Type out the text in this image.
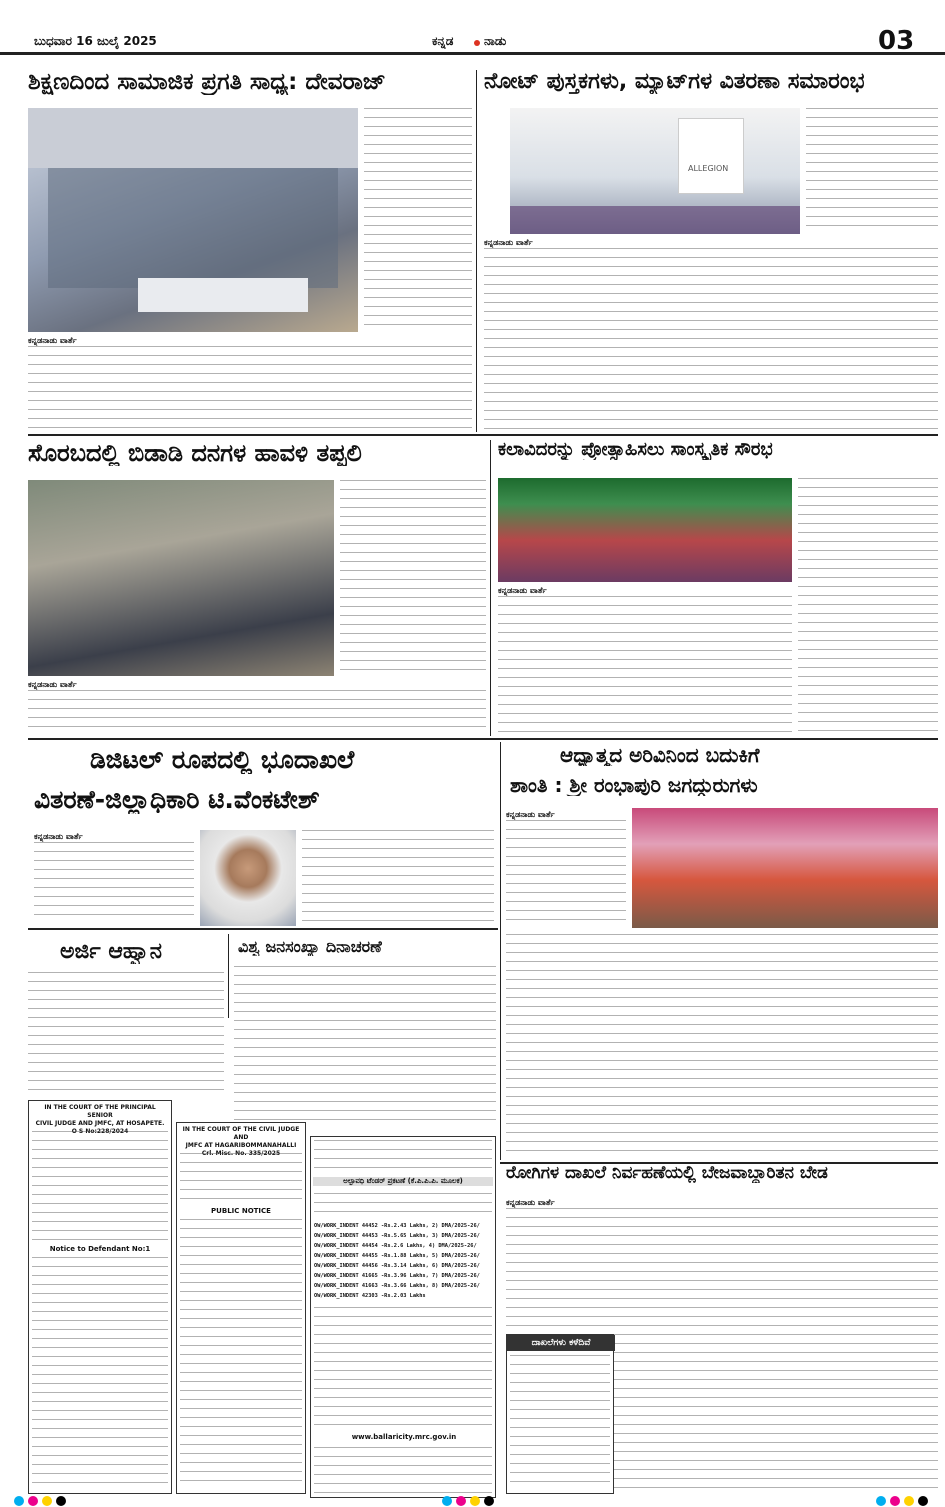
ಬುಧವಾರ 16 ಜುಲೈ 2025	ಕನ್ನಡ	ನಾಡು	03
ಶಿಕ್ಷಣದಿಂದ ಸಾಮಾಜಿಕ ಪ್ರಗತಿ ಸಾಧ್ಯ: ದೇವರಾಜ್
ಕನ್ನಡನಾಡು ವಾರ್ತೆ
ನೋಟ್ ಪುಸ್ತಕಗಳು, ಮ್ಯಾಟ್‌ಗಳ ವಿತರಣಾ ಸಮಾರಂಭ
ALLEGION
ಕನ್ನಡನಾಡು ವಾರ್ತೆ
ಸೊರಬದಲ್ಲಿ ಬಿಡಾಡಿ ದನಗಳ ಹಾವಳಿ ತಪ್ಪಲಿ
ಕನ್ನಡನಾಡು ವಾರ್ತೆ
ಕಲಾವಿದರನ್ನು ಪ್ರೋತ್ಸಾಹಿಸಲು ಸಾಂಸ್ಕೃತಿಕ ಸೌರಭ
ಕನ್ನಡನಾಡು ವಾರ್ತೆ
ಡಿಜಿಟಲ್ ರೂಪದಲ್ಲಿ ಭೂದಾಖಲೆ
ವಿತರಣೆ-ಜಿಲ್ಲಾಧಿಕಾರಿ ಟಿ.ವೆಂಕಟೇಶ್
ಕನ್ನಡನಾಡು ವಾರ್ತೆ
ಆಧ್ಯಾತ್ಮದ ಅರಿವಿನಿಂದ ಬದುಕಿಗೆ
ಶಾಂತಿ : ಶ್ರೀ ರಂಭಾಪುರಿ ಜಗದ್ಗುರುಗಳು
ಕನ್ನಡನಾಡು ವಾರ್ತೆ
ಅರ್ಜಿ ಆಹ್ವಾನ	ವಿಶ್ವ ಜನಸಂಖ್ಯಾ ದಿನಾಚರಣೆ
IN THE COURT OF THE PRINCIPAL SENIOR
CIVIL JUDGE AND JMFC, AT HOSAPETE.
O S No:228/2024
Notice to Defendant No:1
IN THE COURT OF THE CIVIL JUDGE AND
JMFC AT HAGARIBOMMANAHALLI
Crl. Misc. No. 335/2025
PUBLIC NOTICE
ಅಲ್ಪಾವಧಿ ಟೆಂಡರ್ ಪ್ರಕಟಣೆ (ಕೆ.ಪಿ.ಪಿ.ಪಿ. ಮೂಲಕ)
OW/WORK_INDENT 44452 -Rs.2.43 Lakhs, 2) DMA/2025-26/
OW/WORK_INDENT 44453 -Rs.5.65 Lakhs, 3) DMA/2025-26/
OW/WORK_INDENT 44454 -Rs.2.6 Lakhs, 4) DMA/2025-26/
OW/WORK_INDENT 44455 -Rs.1.88 Lakhs, 5) DMA/2025-26/
OW/WORK_INDENT 44456 -Rs.3.14 Lakhs, 6) DMA/2025-26/
OW/WORK_INDENT 41665 -Rs.3.96 Lakhs, 7) DMA/2025-26/
OW/WORK_INDENT 41663 -Rs.3.66 Lakhs, 8) DMA/2025-26/
OW/WORK_INDENT 42303 -Rs.2.03 Lakhs
www.ballaricity.mrc.gov.in
ರೋಗಿಗಳ ದಾಖಲೆ ನಿರ್ವಹಣೆಯಲ್ಲಿ ಬೇಜವಾಬ್ದಾರಿತನ ಬೇಡ
ಕನ್ನಡನಾಡು ವಾರ್ತೆ
ದಾಖಲೆಗಳು ಕಳೆದಿವೆ
